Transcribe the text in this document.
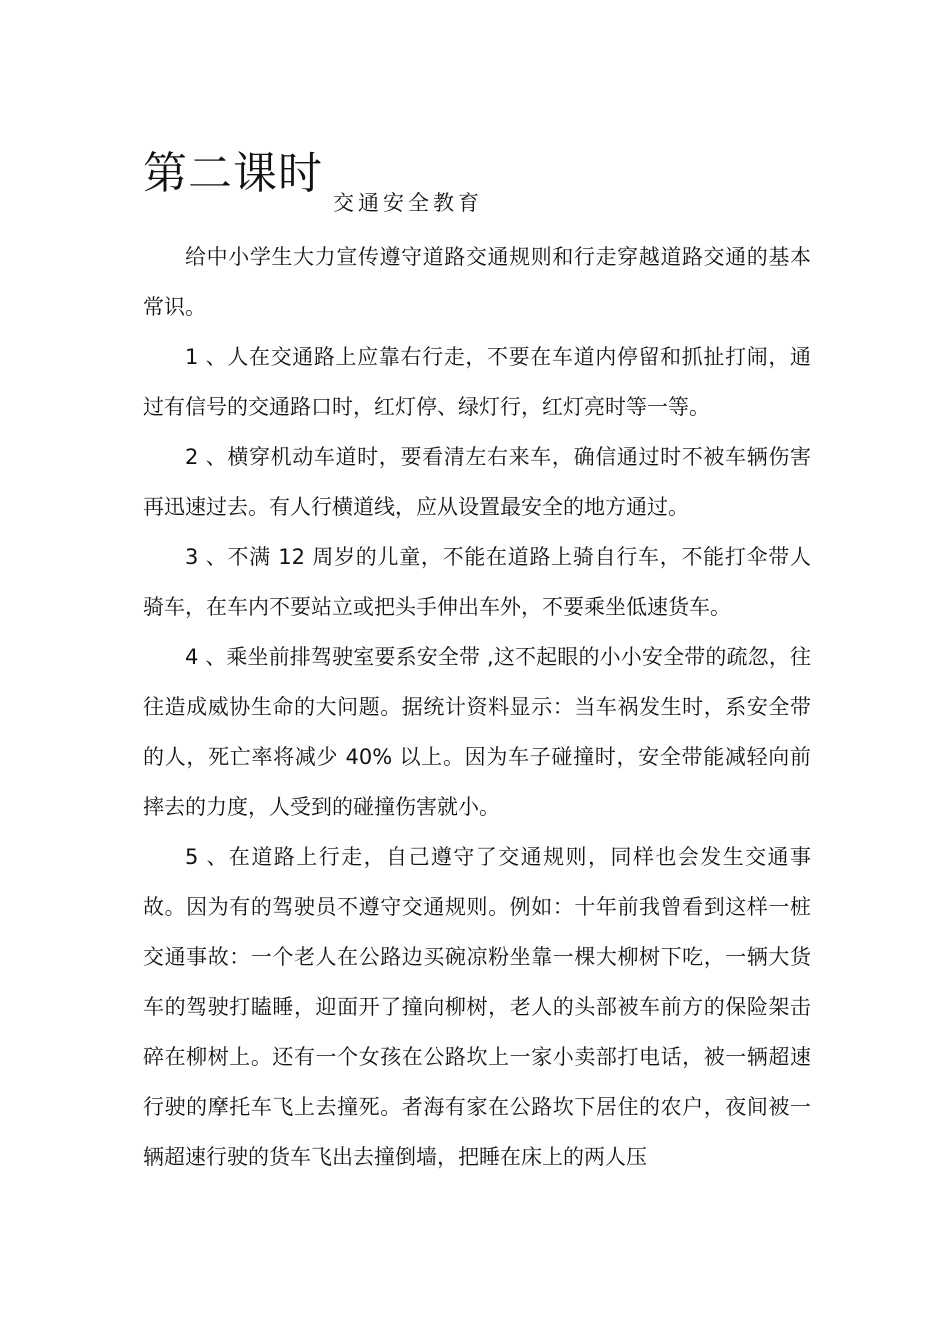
第二课时
交通安全教育

给中小学生大力宣传遵守道路交通规则和行走穿越道路交通的基本常识。

1 、人在交通路上应靠右行走，不要在车道内停留和抓扯打闹，通过有信号的交通路口时，红灯停、绿灯行，红灯亮时等一等。

2 、横穿机动车道时，要看清左右来车，确信通过时不被车辆伤害再迅速过去。有人行横道线，应从设置最安全的地方通过。

3 、不满 12 周岁的儿童，不能在道路上骑自行车，不能打伞带人骑车，在车内不要站立或把头手伸出车外，不要乘坐低速货车。

4 、乘坐前排驾驶室要系安全带 ,这不起眼的小小安全带的疏忽，往往造成威协生命的大问题。据统计资料显示：当车祸发生时，系安全带的人，死亡率将减少 40% 以上。因为车子碰撞时，安全带能减轻向前摔去的力度，人受到的碰撞伤害就小。

5 、在道路上行走，自己遵守了交通规则，同样也会发生交通事故。因为有的驾驶员不遵守交通规则。例如：十年前我曾看到这样一桩交通事故：一个老人在公路边买碗凉粉坐靠一棵大柳树下吃，一辆大货车的驾驶打瞌睡，迎面开了撞向柳树，老人的头部被车前方的保险架击碎在柳树上。还有一个女孩在公路坎上一家小卖部打电话，被一辆超速行驶的摩托车飞上去撞死。者海有家在公路坎下居住的农户，夜间被一辆超速行驶的货车飞出去撞倒墙，把睡在床上的两人压
